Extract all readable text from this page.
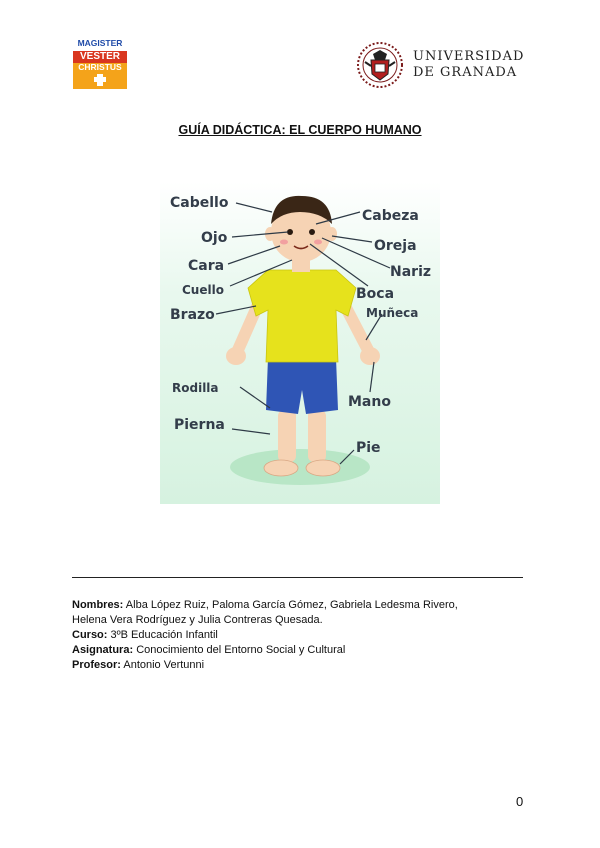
MAGISTER
VESTER
CHRISTUS
UNIVERSIDAD
DE GRANADA
GUÍA DIDÁCTICA: EL CUERPO HUMANO
Cabello
Ojo
Cara
Cuello
Brazo
Rodilla
Pierna
Cabeza
Oreja
Nariz
Boca
Muñeca
Mano
Pie
Nombres: Alba López Ruiz, Paloma García Gómez, Gabriela Ledesma Rivero,
Helena Vera Rodríguez y Julia Contreras Quesada.
Curso: 3ºB Educación Infantil
Asignatura: Conocimiento del Entorno Social y Cultural
Profesor: Antonio Vertunni
0
